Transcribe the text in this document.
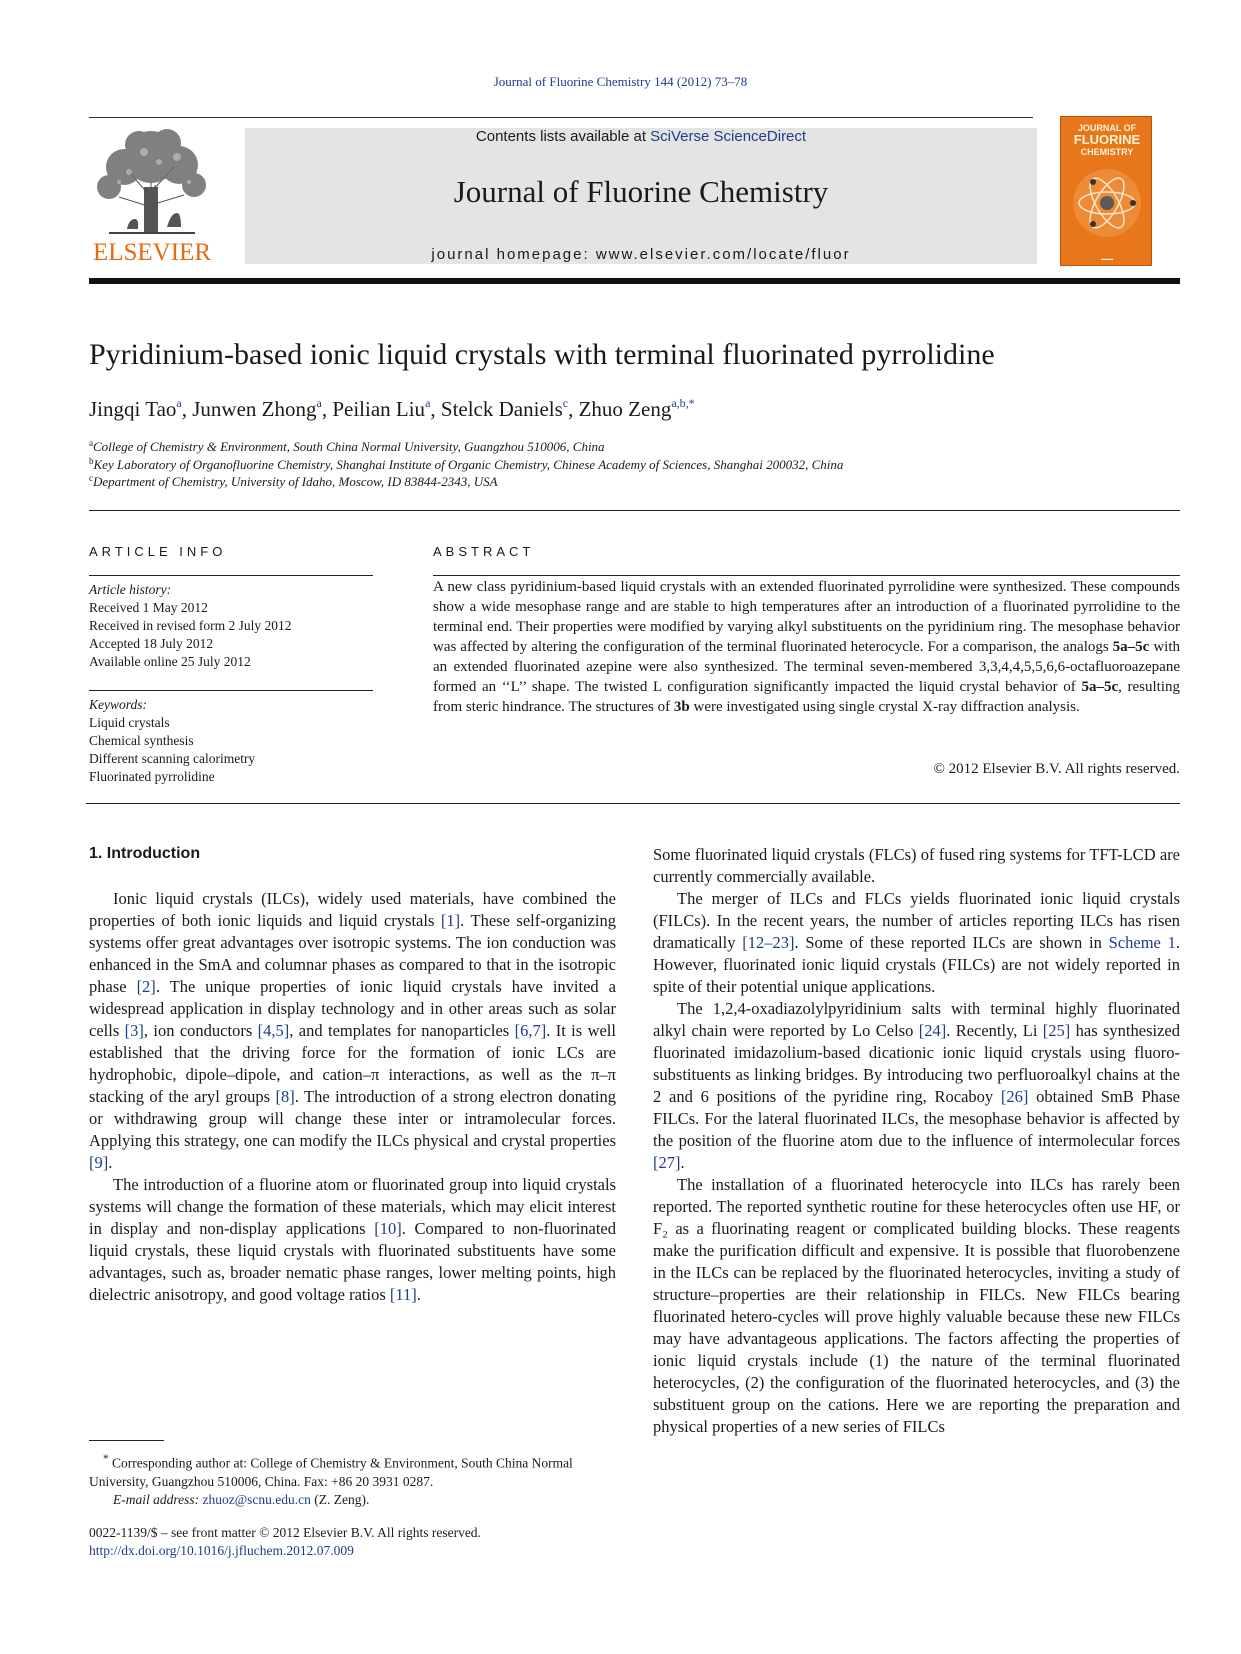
Journal of Fluorine Chemistry 144 (2012) 73–78
ELSEVIER
Contents lists available at SciVerse ScienceDirect
Journal of Fluorine Chemistry
journal homepage: www.elsevier.com/locate/fluor
JOURNAL OF
FLUORINE
CHEMISTRY
▬▬▬
Pyridinium-based ionic liquid crystals with terminal fluorinated pyrrolidine
Jingqi Tao$^a$, Junwen Zhong$^a$, Peilian Liu$^a$, Stelck Daniels$^c$, Zhuo Zeng$^{a,b,*}$
$^a$College of Chemistry & Environment, South China Normal University, Guangzhou 510006, China
$^b$Key Laboratory of Organofluorine Chemistry, Shanghai Institute of Organic Chemistry, Chinese Academy of Sciences, Shanghai 200032, China
$^c$Department of Chemistry, University of Idaho, Moscow, ID 83844-2343, USA
ARTICLE INFO
Article history:
Received 1 May 2012
Received in revised form 2 July 2012
Accepted 18 July 2012
Available online 25 July 2012
Keywords:
Liquid crystals
Chemical synthesis
Different scanning calorimetry
Fluorinated pyrrolidine
ABSTRACT
A new class pyridinium-based liquid crystals with an extended fluorinated pyrrolidine were synthesized. These compounds show a wide mesophase range and are stable to high temperatures after an introduction of a fluorinated pyrrolidine to the terminal end. Their properties were modified by varying alkyl substituents on the pyridinium ring. The mesophase behavior was affected by altering the configuration of the terminal fluorinated heterocycle. For a comparison, the analogs 5a–5c with an extended fluorinated azepine were also synthesized. The terminal seven-membered 3,3,4,4,5,5,6,6-octafluoroazepane formed an ‘‘L’’ shape. The twisted L configuration significantly impacted the liquid crystal behavior of 5a–5c, resulting from steric hindrance. The structures of 3b were investigated using single crystal X-ray diffraction analysis.
© 2012 Elsevier B.V. All rights reserved.
1. Introduction

Ionic liquid crystals (ILCs), widely used materials, have combined the properties of both ionic liquids and liquid crystals [1]. These self-organizing systems offer great advantages over isotropic systems. The ion conduction was enhanced in the SmA and columnar phases as compared to that in the isotropic phase [2]. The unique properties of ionic liquid crystals have invited a widespread application in display technology and in other areas such as solar cells [3], ion conductors [4,5], and templates for nanoparticles [6,7]. It is well established that the driving force for the formation of ionic LCs are hydrophobic, dipole–dipole, and cation–π interactions, as well as the π–π stacking of the aryl groups [8]. The introduction of a strong electron donating or withdrawing group will change these inter or intramolecular forces. Applying this strategy, one can modify the ILCs physical and crystal properties [9].

The introduction of a fluorine atom or fluorinated group into liquid crystals systems will change the formation of these materials, which may elicit interest in display and non-display applications [10]. Compared to non-fluorinated liquid crystals, these liquid crystals with fluorinated substituents have some advantages, such as, broader nematic phase ranges, lower melting points, high dielectric anisotropy, and good voltage ratios [11].

Some fluorinated liquid crystals (FLCs) of fused ring systems for TFT-LCD are currently commercially available.

The merger of ILCs and FLCs yields fluorinated ionic liquid crystals (FILCs). In the recent years, the number of articles reporting ILCs has risen dramatically [12–23]. Some of these reported ILCs are shown in Scheme 1. However, fluorinated ionic liquid crystals (FILCs) are not widely reported in spite of their potential unique applications.

The 1,2,4-oxadiazolylpyridinium salts with terminal highly fluorinated alkyl chain were reported by Lo Celso [24]. Recently, Li [25] has synthesized fluorinated imidazolium-based dicationic ionic liquid crystals using fluoro-substituents as linking bridges. By introducing two perfluoroalkyl chains at the 2 and 6 positions of the pyridine ring, Rocaboy [26] obtained SmB Phase FILCs. For the lateral fluorinated ILCs, the mesophase behavior is affected by the position of the fluorine atom due to the influence of intermolecular forces [27].

The installation of a fluorinated heterocycle into ILCs has rarely been reported. The reported synthetic routine for these heterocycles often use HF, or F₂ as a fluorinating reagent or complicated building blocks. These reagents make the purification difficult and expensive. It is possible that fluorobenzene in the ILCs can be replaced by the fluorinated heterocycles, inviting a study of structure–properties are their relationship in FILCs. New FILCs bearing fluorinated hetero-cycles will prove highly valuable because these new FILCs may have advantageous applications. The factors affecting the properties of ionic liquid crystals include (1) the nature of the terminal fluorinated heterocycles, (2) the configuration of the fluorinated heterocycles, and (3) the substituent group on the cations. Here we are reporting the preparation and physical properties of a new series of FILCs

* Corresponding author at: College of Chemistry & Environment, South China Normal University, Guangzhou 510006, China. Fax: +86 20 3931 0287.
E-mail address: zhuoz@scnu.edu.cn (Z. Zeng).
0022-1139/$ – see front matter © 2012 Elsevier B.V. All rights reserved.
http://dx.doi.org/10.1016/j.jfluchem.2012.07.009
